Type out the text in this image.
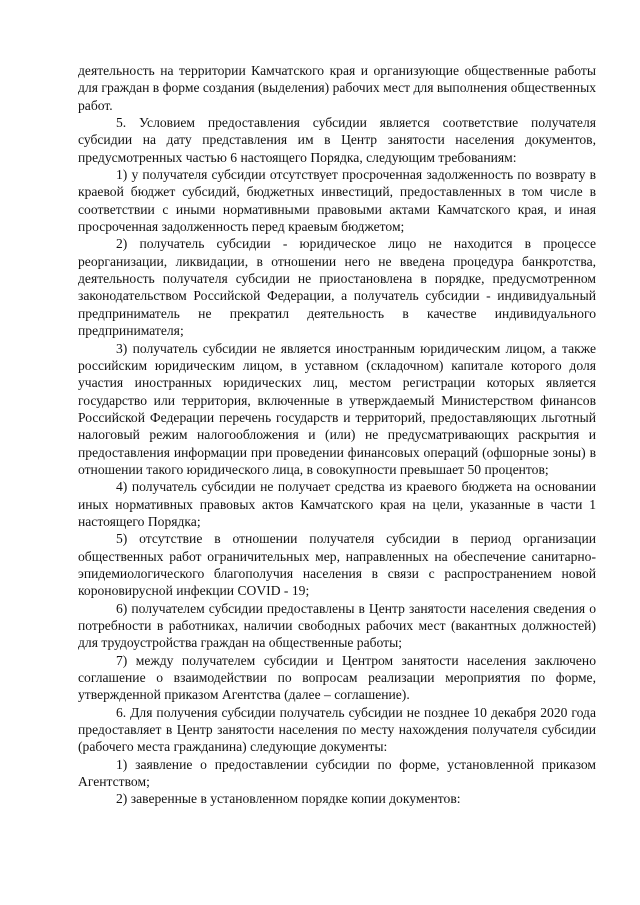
деятельность на территории Камчатского края и организующие общественные работы для граждан в форме создания (выделения) рабочих мест для выполнения общественных работ.

5. Условием предоставления субсидии является соответствие получателя субсидии на дату представления им в Центр занятости населения документов, предусмотренных частью 6 настоящего Порядка, следующим требованиям:

1) у получателя субсидии отсутствует просроченная задолженность по возврату в краевой бюджет субсидий, бюджетных инвестиций, предоставленных в том числе в соответствии с иными нормативными правовыми актами Камчатского края, и иная просроченная задолженность перед краевым бюджетом;

2) получатель субсидии - юридическое лицо не находится в процессе реорганизации, ликвидации, в отношении него не введена процедура банкротства, деятельность получателя субсидии не приостановлена в порядке, предусмотренном законодательством Российской Федерации, а получатель субсидии - индивидуальный предприниматель не прекратил деятельность в качестве индивидуального предпринимателя;

3) получатель субсидии не является иностранным юридическим лицом, а также российским юридическим лицом, в уставном (складочном) капитале которого доля участия иностранных юридических лиц, местом регистрации которых является государство или территория, включенные в утверждаемый Министерством финансов Российской Федерации перечень государств и территорий, предоставляющих льготный налоговый режим налогообложения и (или) не предусматривающих раскрытия и предоставления информации при проведении финансовых операций (офшорные зоны) в отношении такого юридического лица, в совокупности превышает 50 процентов;

4) получатель субсидии не получает средства из краевого бюджета на основании иных нормативных правовых актов Камчатского края на цели, указанные в части 1 настоящего Порядка;

5) отсутствие в отношении получателя субсидии в период организации общественных работ ограничительных мер, направленных на обеспечение санитарно-эпидемиологического благополучия населения в связи с распространением новой короновирусной инфекции COVID - 19;

6) получателем субсидии предоставлены в Центр занятости населения сведения о потребности в работниках, наличии свободных рабочих мест (вакантных должностей) для трудоустройства граждан на общественные работы;

7) между получателем субсидии и Центром занятости населения заключено соглашение о взаимодействии по вопросам реализации мероприятия по форме, утвержденной приказом Агентства (далее – соглашение).

6. Для получения субсидии получатель субсидии не позднее 10 декабря 2020 года предоставляет в Центр занятости населения по месту нахождения получателя субсидии (рабочего места гражданина) следующие документы:

1) заявление о предоставлении субсидии по форме, установленной приказом Агентством;

2) заверенные в установленном порядке копии документов:
